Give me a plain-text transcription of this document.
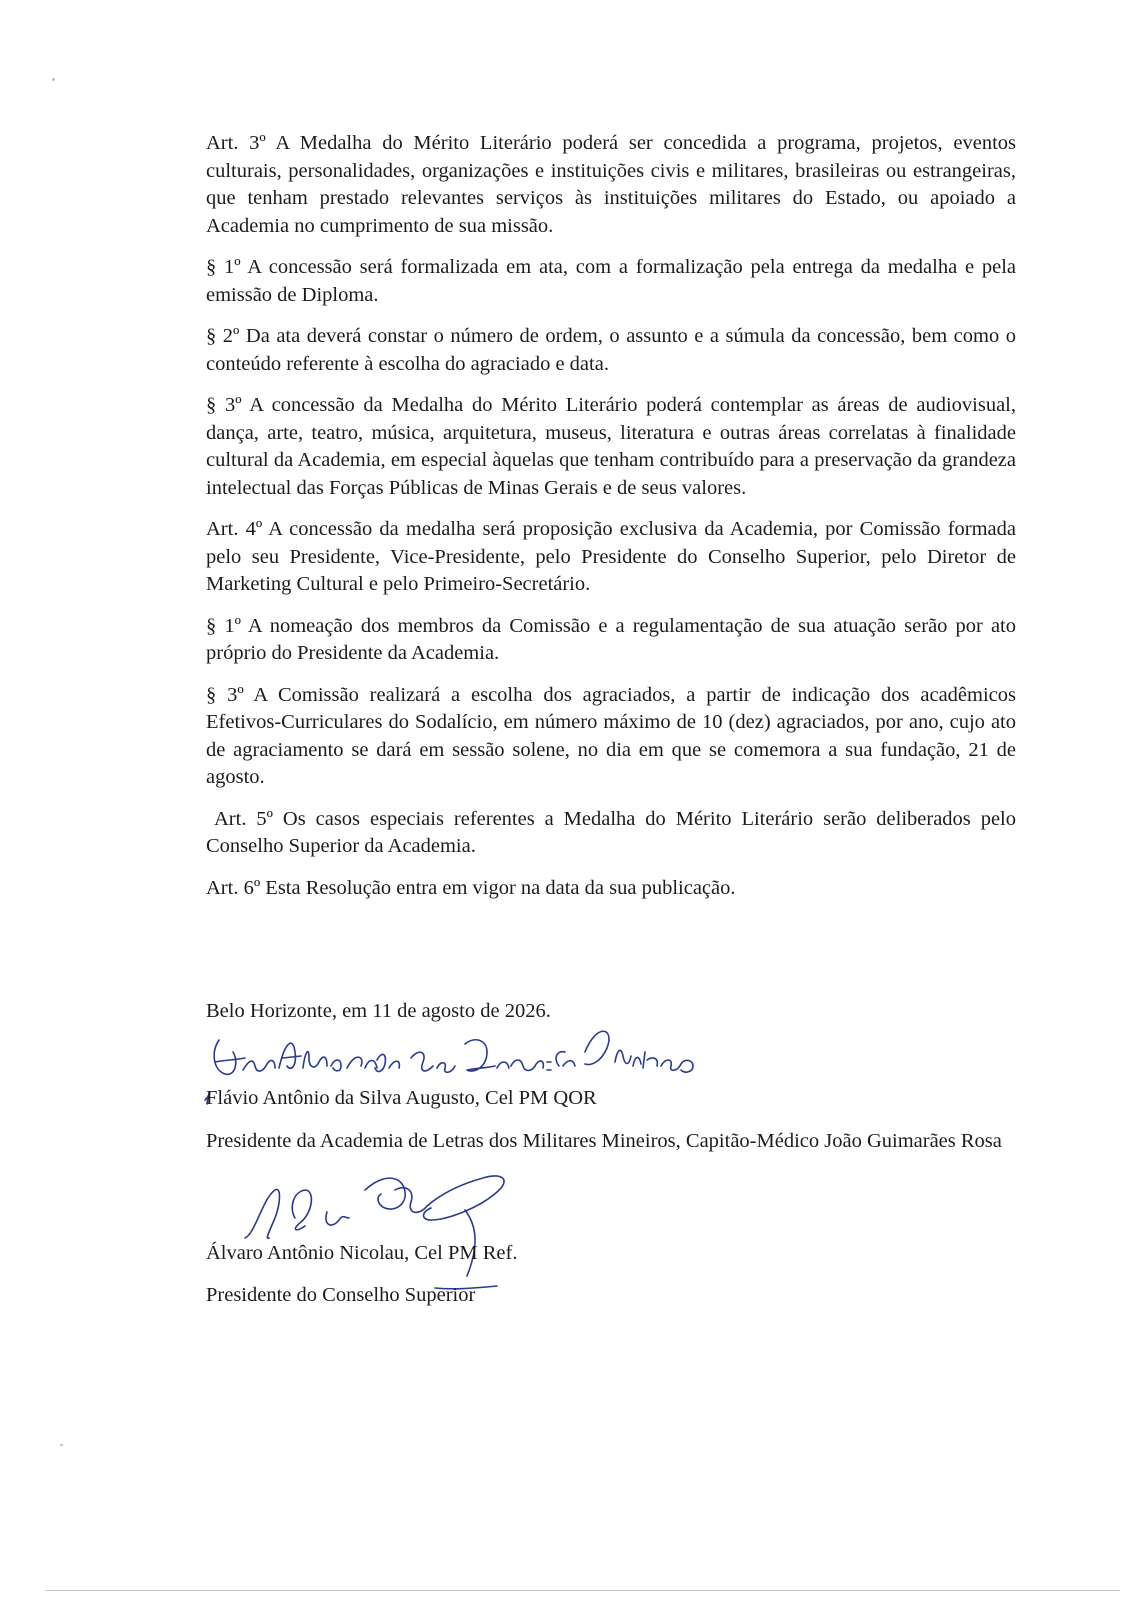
Art. 3º A Medalha do Mérito Literário poderá ser concedida a programa, projetos, eventos culturais, personalidades, organizações e instituições civis e militares, brasileiras ou estrangeiras, que tenham prestado relevantes serviços às instituições militares do Estado, ou apoiado a Academia no cumprimento de sua missão.

§ 1º A concessão será formalizada em ata, com a formalização pela entrega da medalha e pela emissão de Diploma.

§ 2º Da ata deverá constar o número de ordem, o assunto e a súmula da concessão, bem como o conteúdo referente à escolha do agraciado e data.

§ 3º A concessão da Medalha do Mérito Literário poderá contemplar as áreas de audiovisual, dança, arte, teatro, música, arquitetura, museus, literatura e outras áreas correlatas à finalidade cultural da Academia, em especial àquelas que tenham contribuído para a preservação da grandeza intelectual das Forças Públicas de Minas Gerais e de seus valores.

Art. 4º A concessão da medalha será proposição exclusiva da Academia, por Comissão formada pelo seu Presidente, Vice-Presidente, pelo Presidente do Conselho Superior, pelo Diretor de Marketing Cultural e pelo Primeiro-Secretário.

§ 1º A nomeação dos membros da Comissão e a regulamentação de sua atuação serão por ato próprio do Presidente da Academia.

§ 3º A Comissão realizará a escolha dos agraciados, a partir de indicação dos acadêmicos Efetivos-Curriculares do Sodalício, em número máximo de 10 (dez) agraciados, por ano, cujo ato de agraciamento se dará em sessão solene, no dia em que se comemora a sua fundação, 21 de agosto.

Art. 5º Os casos especiais referentes a Medalha do Mérito Literário serão deliberados pelo Conselho Superior da Academia.

Art. 6º Esta Resolução entra em vigor na data da sua publicação.

Belo Horizonte, em 11 de agosto de 2026.

Flávio Antônio da Silva Augusto, Cel PM QOR

Presidente da Academia de Letras dos Militares Mineiros, Capitão-Médico João Guimarães Rosa

Álvaro Antônio Nicolau, Cel PM Ref.

Presidente do Conselho Superior
